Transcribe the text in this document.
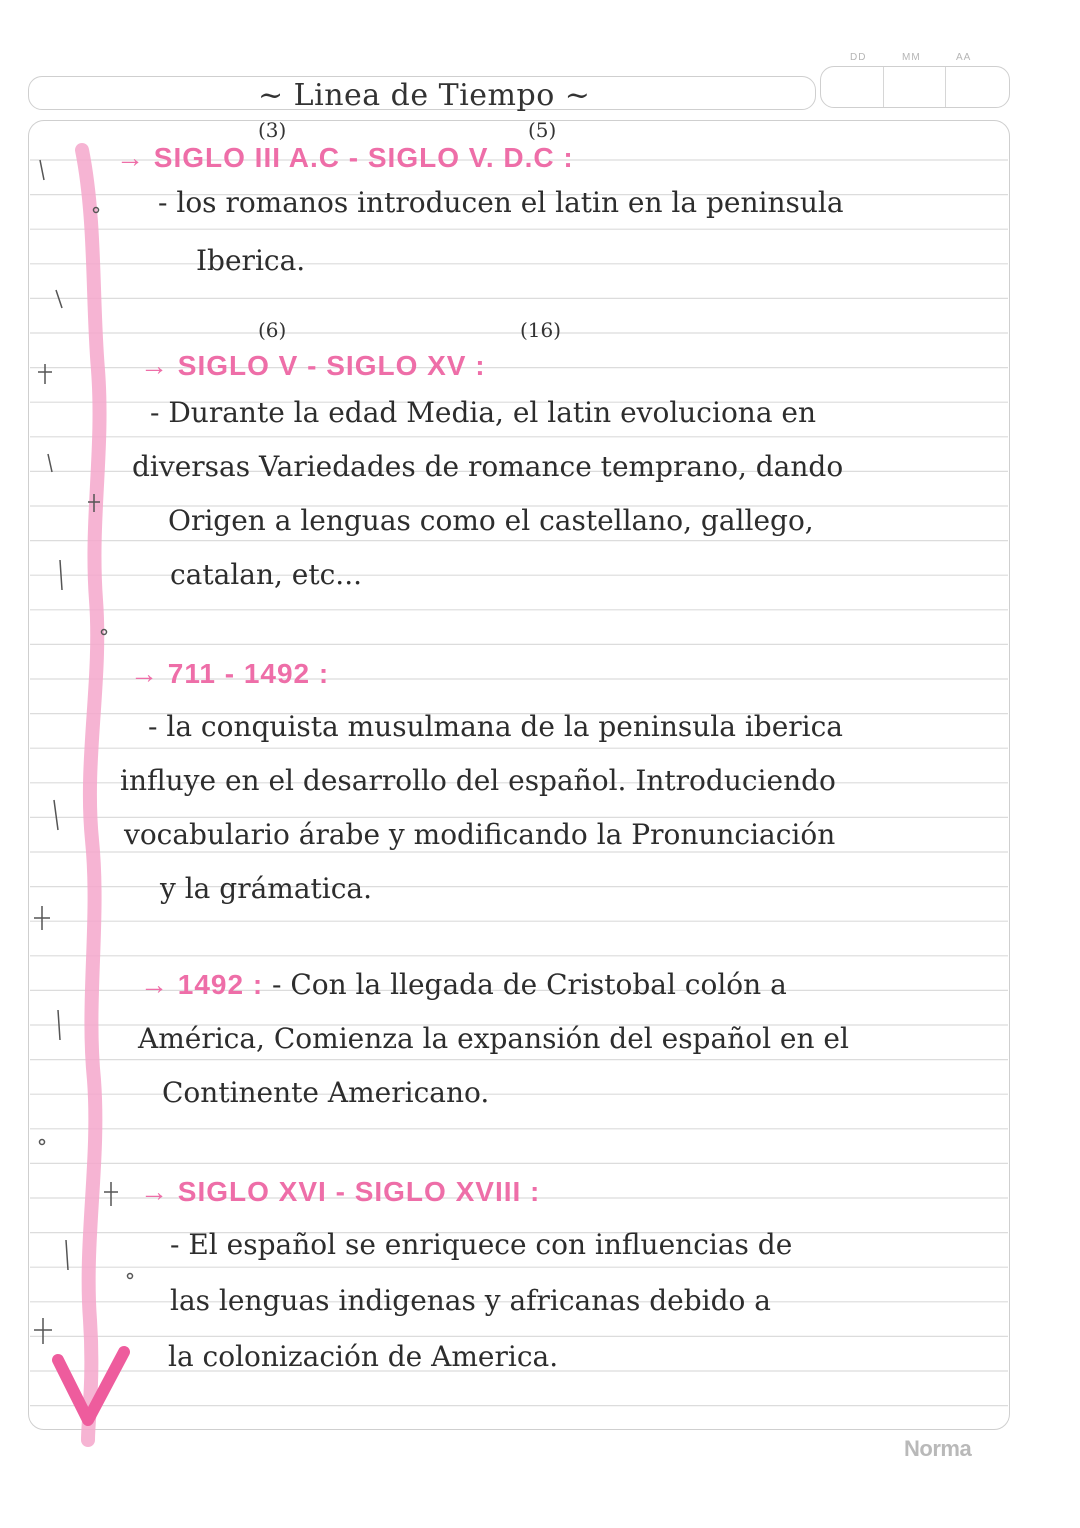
~ Linea de Tiempo ~
DD	MM	AA
(3)	(5)
→ SIGLO III A.C - SIGLO V. D.C :
- los romanos introducen el latin en la peninsula
Iberica.
(6)	(16)
→ SIGLO V - SIGLO XV :
- Durante la edad Media, el latin evoluciona en
diversas Variedades de romance temprano, dando
Origen a lenguas como el castellano, gallego,
catalan, etc...
→ 711 - 1492 :
- la conquista musulmana de la peninsula iberica
influye en el desarrollo del español. Introduciendo
vocabulario árabe y modificando la Pronunciación
y la grámatica.
→ 1492 : - Con la llegada de Cristobal colón a
América, Comienza la expansión del español en el
Continente Americano.
→ SIGLO XVI - SIGLO XVIII :
- El español se enriquece con influencias de
las lenguas indigenas y africanas debido a
la colonización de America.
Norma
